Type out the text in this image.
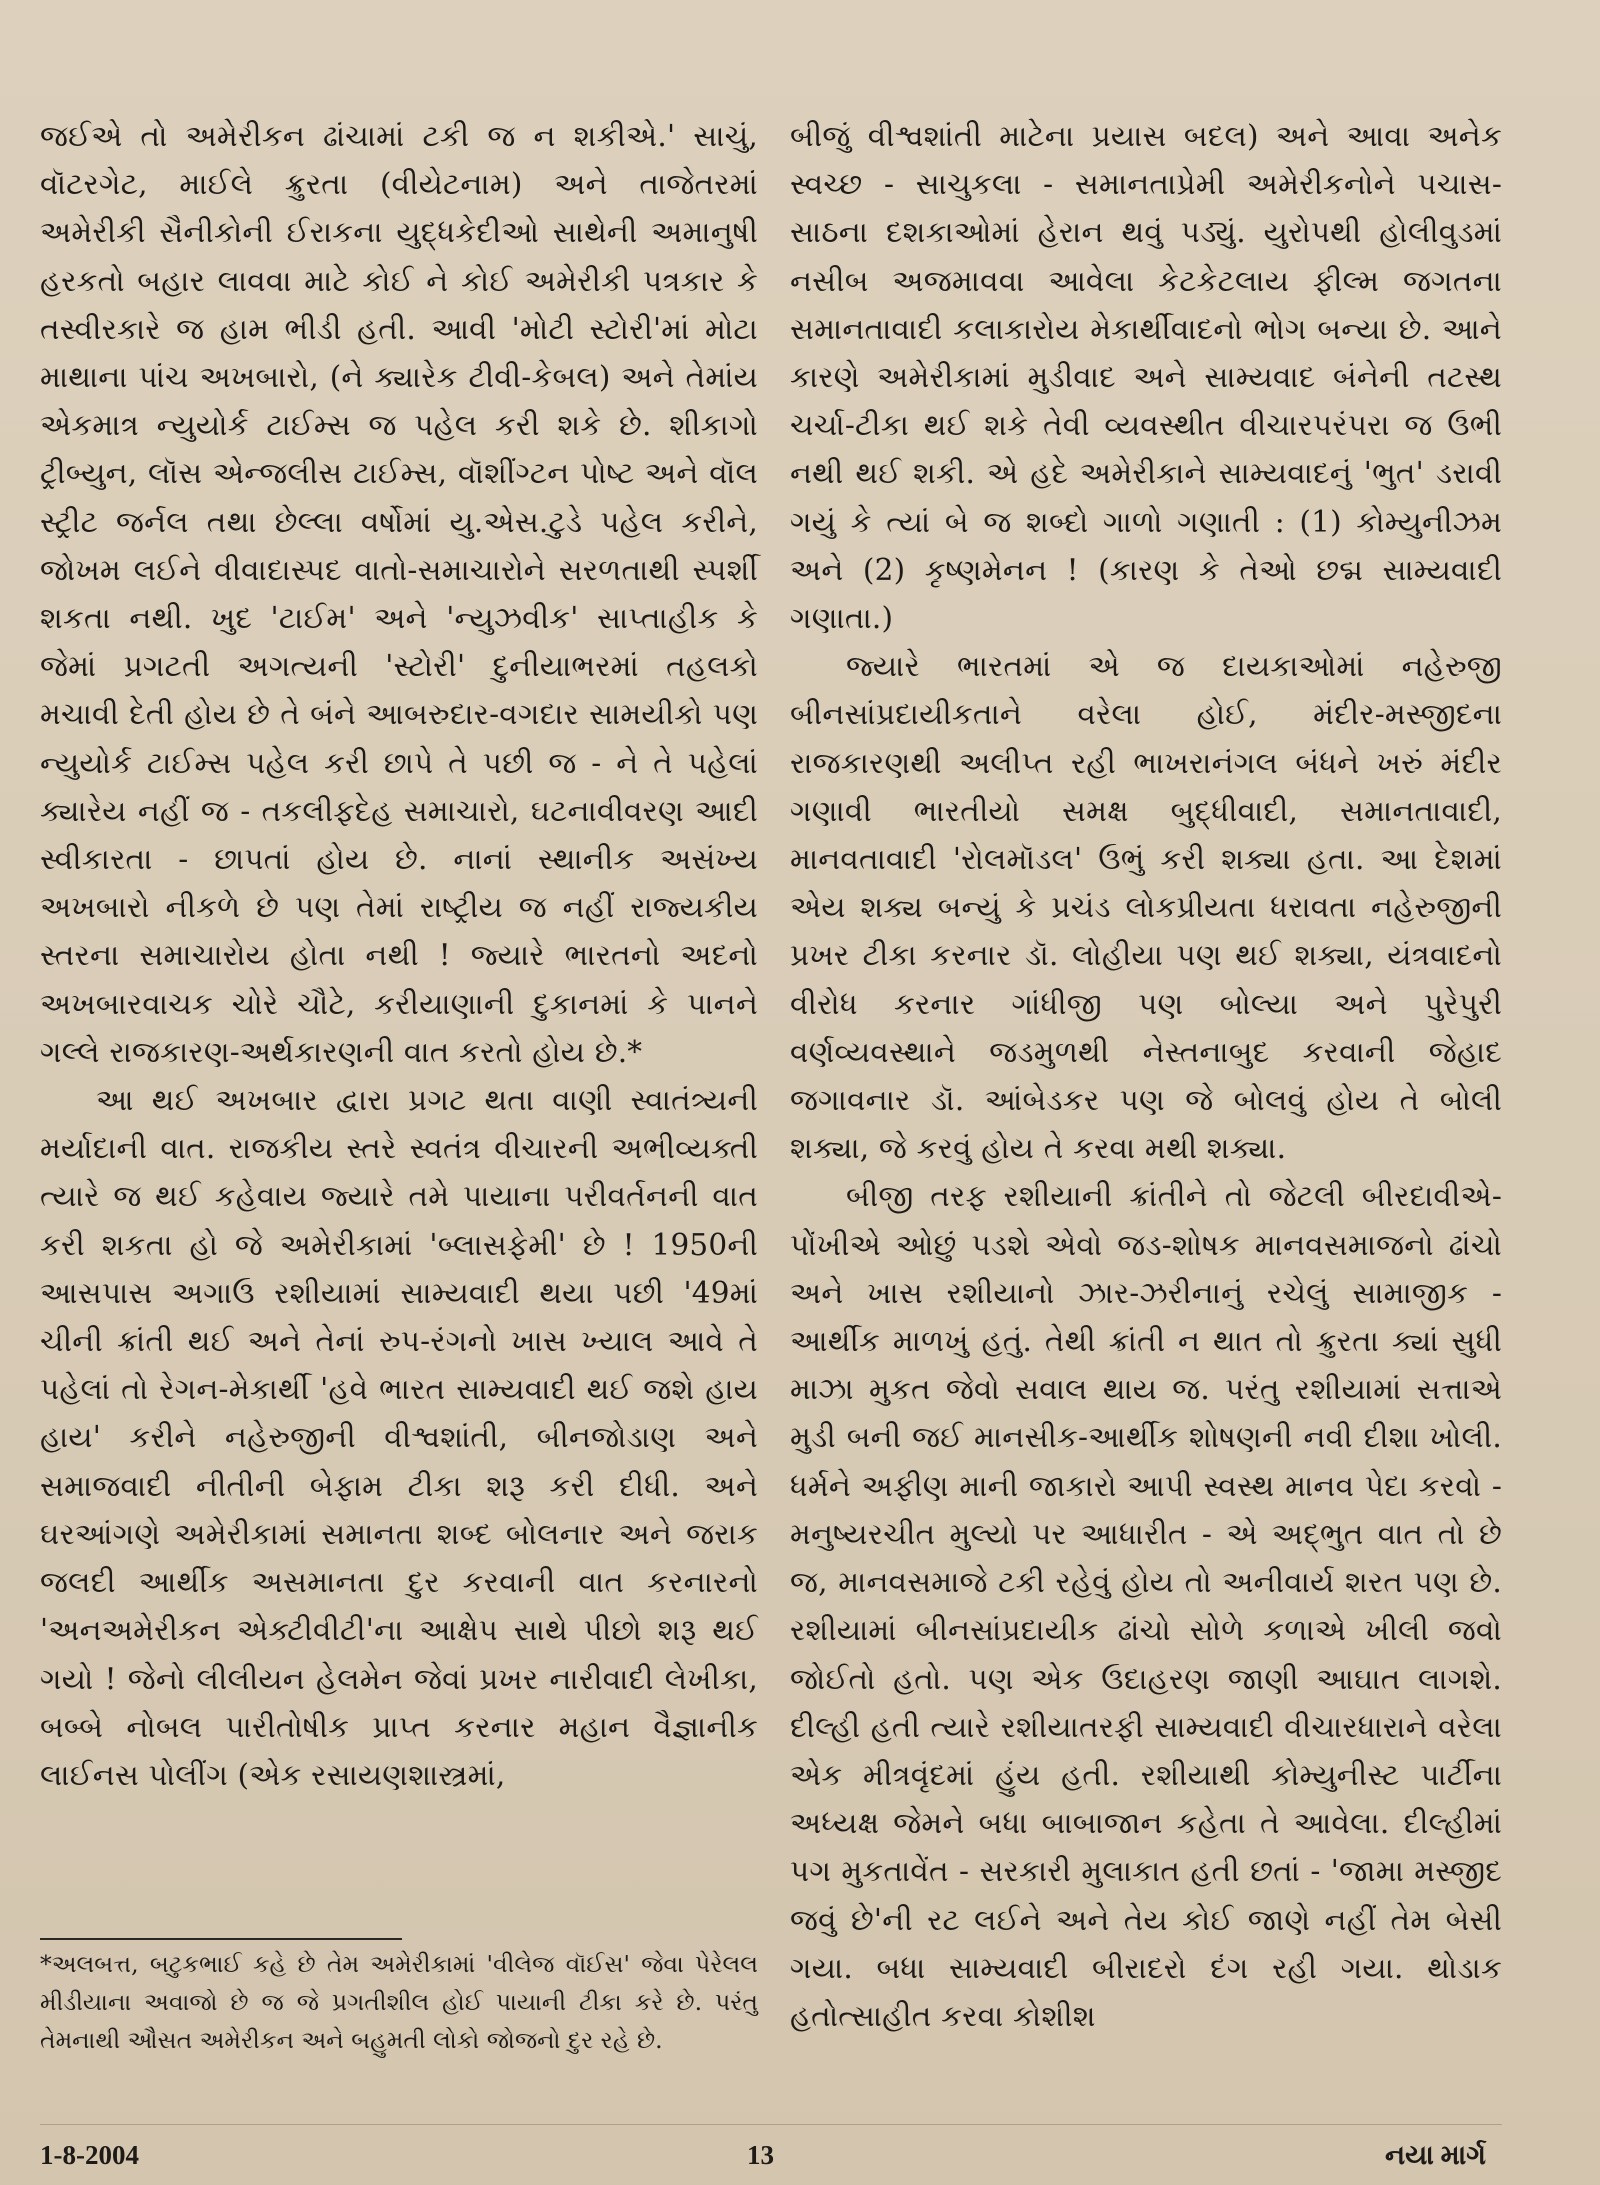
જઈએ તો અમેરીકન ઢાંચામાં ટકી જ ન શકીએ.' સાચું, વૉટરગેટ, માઈલે ક્રુરતા (વીયેટનામ) અને તાજેતરમાં અમેરીકી સૈનીકોની ઈરાકના યુદ્ધકેદીઓ સાથેની અમાનુષી હરકતો બહાર લાવવા માટે કોઈ ને કોઈ અમેરીકી પત્રકાર કે તસ્વીરકારે જ હામ ભીડી હતી. આવી 'મોટી સ્ટોરી'માં મોટા માથાના પાંચ અખબારો, (ને ક્યારેક ટીવી-કેબલ) અને તેમાંય એકમાત્ર ન્યુયોર્ક ટાઈમ્સ જ પહેલ કરી શકે છે. શીકાગો ટ્રીબ્યુન, લૉસ એન્જલીસ ટાઈમ્સ, વૉશીંગ્ટન પોષ્ટ અને વૉલ સ્ટ્રીટ જર્નલ તથા છેલ્લા વર્ષોમાં યુ.એસ.ટુડે પહેલ કરીને, જોખમ લઈને વીવાદાસ્પદ વાતો-સમાચારોને સરળતાથી સ્પર્શી શકતા નથી. ખુદ 'ટાઈમ' અને 'ન્યુઝવીક' સાપ્તાહીક કે જેમાં પ્રગટતી અગત્યની 'સ્ટોરી' દુનીયાભરમાં તહલકો મચાવી દેતી હોય છે તે બંને આબરુદાર-વગદાર સામયીકો પણ ન્યુયોર્ક ટાઈમ્સ પહેલ કરી છાપે તે પછી જ - ને તે પહેલાં ક્યારેય નહીં જ - તકલીફદેહ સમાચારો, ઘટનાવીવરણ આદી સ્વીકારતા - છાપતાં હોય છે. નાનાં સ્થાનીક અસંખ્ય અખબારો નીકળે છે પણ તેમાં રાષ્ટ્રીય જ નહીં રાજ્યકીય સ્તરના સમાચારોય હોતા નથી ! જ્યારે ભારતનો અદનો અખબારવાચક ચોરે ચૌટે, કરીયાણાની દુકાનમાં કે પાનને ગલ્લે રાજકારણ-અર્થકારણની વાત કરતો હોય છે.*

આ થઈ અખબાર દ્વારા પ્રગટ થતા વાણી સ્વાતંત્ર્યની મર્યાદાની વાત. રાજકીય સ્તરે સ્વતંત્ર વીચારની અભીવ્યક્તી ત્યારે જ થઈ કહેવાય જ્યારે તમે પાયાના પરીવર્તનની વાત કરી શકતા હો જે અમેરીકામાં 'બ્લાસફેમી' છે ! 1950ની આસપાસ અગાઉ રશીયામાં સામ્યવાદી થયા પછી '49માં ચીની ક્રાંતી થઈ અને તેનાં રુપ-રંગનો ખાસ ખ્યાલ આવે તે પહેલાં તો રેગન-મેકાર્થી 'હવે ભારત સામ્યવાદી થઈ જશે હાય હાય' કરીને નહેરુજીની વીશ્વશાંતી, બીનજોડાણ અને સમાજવાદી નીતીની બેફામ ટીકા શરૂ કરી દીધી. અને ઘરઆંગણે અમેરીકામાં સમાનતા શબ્દ બોલનાર અને જરાક જલદી આર્થીક અસમાનતા દુર કરવાની વાત કરનારનો 'અનઅમેરીકન એક્ટીવીટી'ના આક્ષેપ સાથે પીછો શરૂ થઈ ગયો ! જેનો લીલીયન હેલમેન જેવાં પ્રખર નારીવાદી લેખીકા, બબ્બે નોબલ પારીતોષીક પ્રાપ્ત કરનાર મહાન વૈજ્ઞાનીક લાઈનસ પોલીંગ (એક રસાયણશાસ્ત્રમાં,

બીજું વીશ્વશાંતી માટેના પ્રયાસ બદલ) અને આવા અનેક સ્વચ્છ - સાચુકલા - સમાનતાપ્રેમી અમેરીકનોને પચાસ-સાઠના દશકાઓમાં હેરાન થવું પડ્યું. યુરોપથી હોલીવુડમાં નસીબ અજમાવવા આવેલા કેટકેટલાય ફીલ્મ જગતના સમાનતાવાદી કલાકારોય મેકાર્થીવાદનો ભોગ બન્યા છે. આને કારણે અમેરીકામાં મુડીવાદ અને સામ્યવાદ બંનેની તટસ્થ ચર્ચા-ટીકા થઈ શકે તેવી વ્યવસ્થીત વીચારપરંપરા જ ઉભી નથી થઈ શકી. એ હદે અમેરીકાને સામ્યવાદનું 'ભુત' ડરાવી ગયું કે ત્યાં બે જ શબ્દો ગાળો ગણાતી : (1) કોમ્યુનીઝમ અને (2) કૃષ્ણમેનન ! (કારણ કે તેઓ છદ્મ સામ્યવાદી ગણાતા.)

જ્યારે ભારતમાં એ જ દાયકાઓમાં નહેરુજી બીનસાંપ્રદાયીકતાને વરેલા હોઈ, મંદીર-મસ્જીદના રાજકારણથી અલીપ્ત રહી ભાખરાનંગલ બંધને ખરું મંદીર ગણાવી ભારતીયો સમક્ષ બુદ્ધીવાદી, સમાનતાવાદી, માનવતાવાદી 'રોલમૉડલ' ઉભું કરી શક્યા હતા. આ દેશમાં એય શક્ય બન્યું કે પ્રચંડ લોકપ્રીયતા ધરાવતા નહેરુજીની પ્રખર ટીકા કરનાર ડૉ. લોહીયા પણ થઈ શક્યા, યંત્રવાદનો વીરોધ કરનાર ગાંધીજી પણ બોલ્યા અને પુરેપુરી વર્ણવ્યવસ્થાને જડમુળથી નેસ્તનાબુદ કરવાની જેહાદ જગાવનાર ડૉ. આંબેડકર પણ જે બોલવું હોય તે બોલી શક્યા, જે કરવું હોય તે કરવા મથી શક્યા.

બીજી તરફ રશીયાની ક્રાંતીને તો જેટલી બીરદાવીએ-પોંખીએ ઓછું પડશે એવો જડ-શોષક માનવસમાજનો ઢાંચો અને ખાસ રશીયાનો ઝાર-ઝરીનાનું રચેલું સામાજીક - આર્થીક માળખું હતું. તેથી ક્રાંતી ન થાત તો ક્રુરતા ક્યાં સુધી માઝા મુકત જેવો સવાલ થાય જ. પરંતુ રશીયામાં સત્તાએ મુડી બની જઈ માનસીક-આર્થીક શોષણની નવી દીશા ખોલી. ધર્મને અફીણ માની જાકારો આપી સ્વસ્થ માનવ પેદા કરવો - મનુષ્યરચીત મુલ્યો પર આધારીત - એ અદ્ભુત વાત તો છે જ, માનવસમાજે ટકી રહેવું હોય તો અનીવાર્ય શરત પણ છે. રશીયામાં બીનસાંપ્રદાયીક ઢાંચો સોળે કળાએ ખીલી જવો જોઈતો હતો. પણ એક ઉદાહરણ જાણી આઘાત લાગશે. દીલ્હી હતી ત્યારે રશીયાતરફી સામ્યવાદી વીચારધારાને વરેલા એક મીત્રવૃંદમાં હુંય હતી. રશીયાથી કોમ્યુનીસ્ટ પાર્ટીના અધ્યક્ષ જેમને બધા બાબાજાન કહેતા તે આવેલા. દીલ્હીમાં પગ મુકતાવેંત - સરકારી મુલાકાત હતી છતાં - 'જામા મસ્જીદ જવું છે'ની રટ લઈને અને તેય કોઈ જાણે નહીં તેમ બેસી ગયા. બધા સામ્યવાદી બીરાદરો દંગ રહી ગયા. થોડાક હતોત્સાહીત કરવા કોશીશ

*અલબત્ત, બટુકભાઈ કહે છે તેમ અમેરીકામાં 'વીલેજ વૉઈસ' જેવા પેરેલલ મીડીયાના અવાજો છે જ જે પ્રગતીશીલ હોઈ પાયાની ટીકા કરે છે. પરંતુ તેમનાથી ઔસત અમેરીકન અને બહુમતી લોકો જોજનો દુર રહે છે.
1-8-2004	13	નયા માર્ગ
